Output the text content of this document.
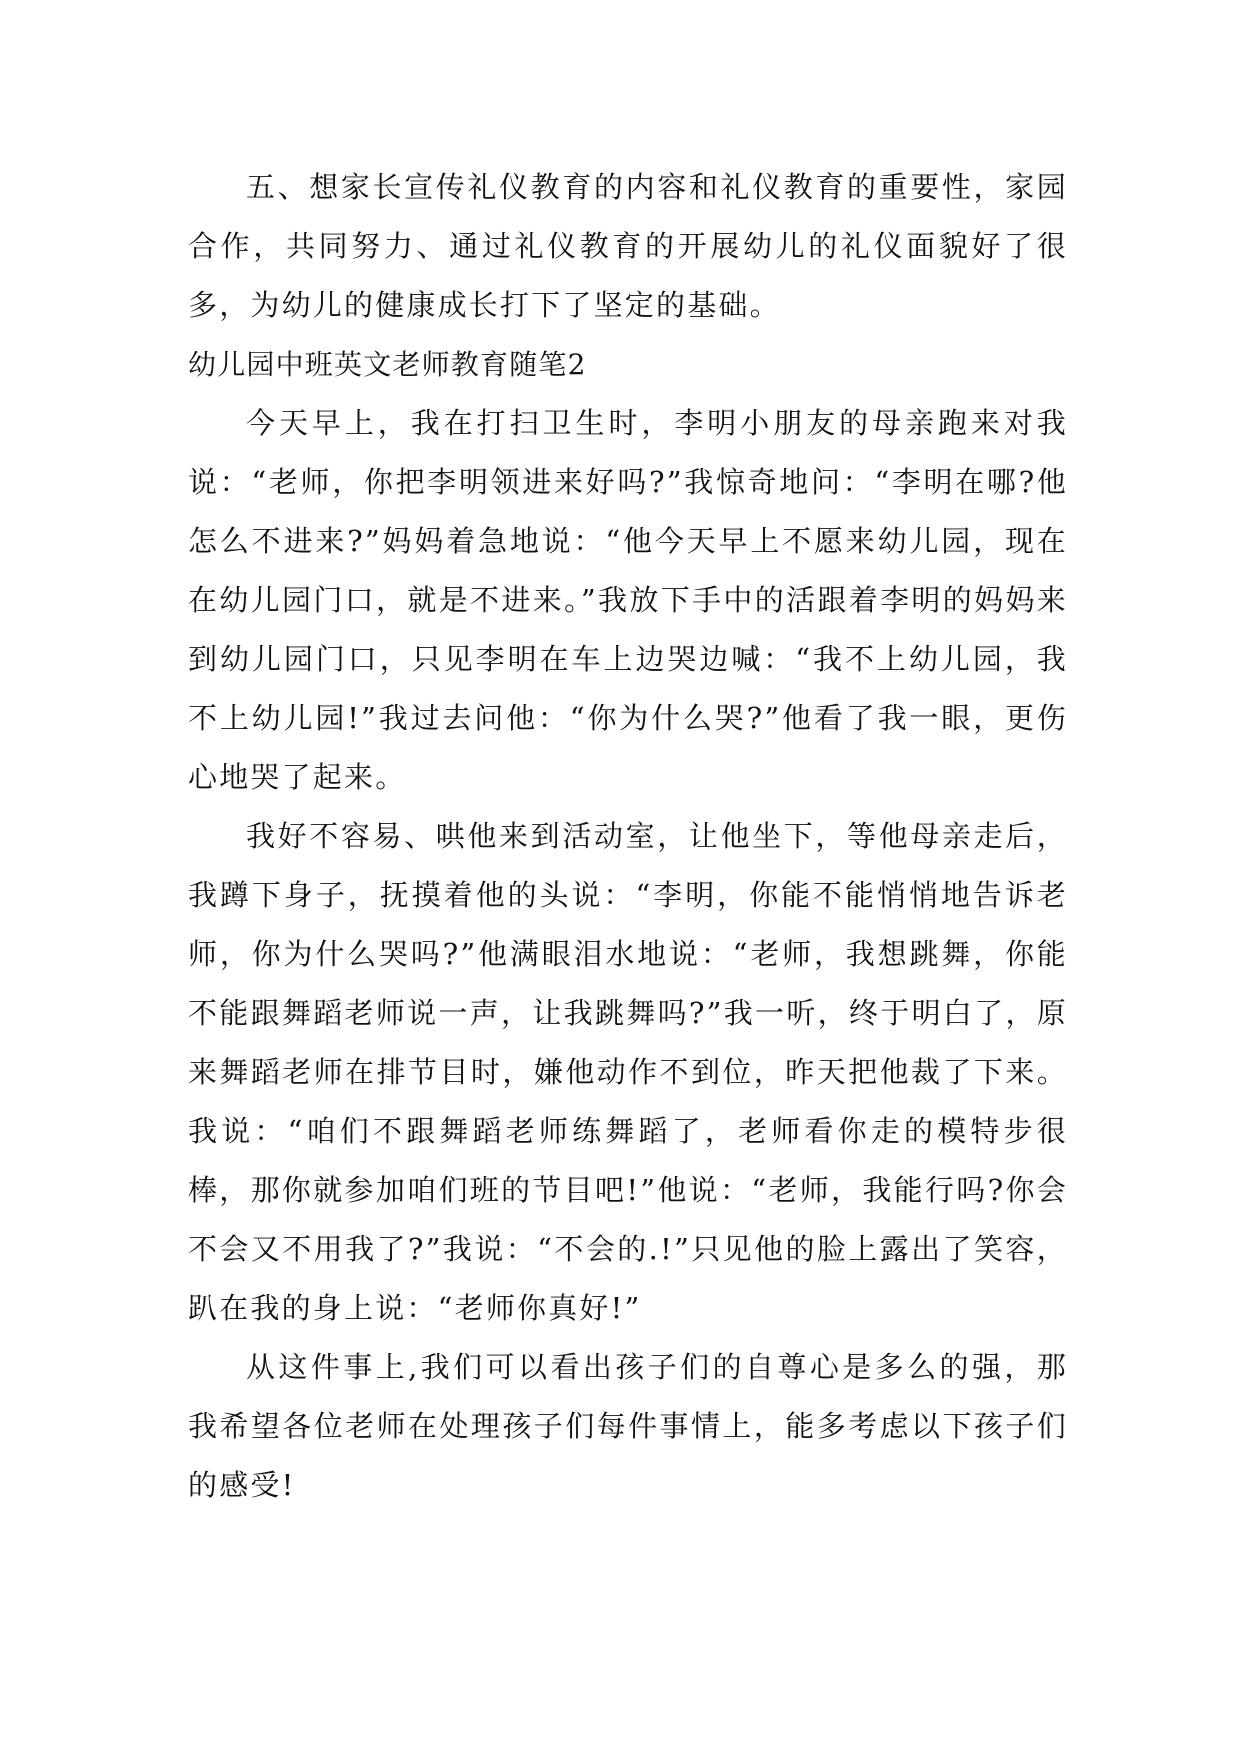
五、想家长宣传礼仪教育的内容和礼仪教育的重要性，家园合作，共同努力、通过礼仪教育的开展幼儿的礼仪面貌好了很多，为幼儿的健康成长打下了坚定的基础。

幼儿园中班英文老师教育随笔2

今天早上，我在打扫卫生时，李明小朋友的母亲跑来对我说：“老师，你把李明领进来好吗?”我惊奇地问：“李明在哪?他怎么不进来?”妈妈着急地说：“他今天早上不愿来幼儿园，现在在幼儿园门口，就是不进来。”我放下手中的活跟着李明的妈妈来到幼儿园门口，只见李明在车上边哭边喊：“我不上幼儿园，我不上幼儿园!”我过去问他：“你为什么哭?”他看了我一眼，更伤心地哭了起来。

我好不容易、哄他来到活动室，让他坐下，等他母亲走后，我蹲下身子，抚摸着他的头说：“李明，你能不能悄悄地告诉老师，你为什么哭吗?”他满眼泪水地说：“老师，我想跳舞，你能不能跟舞蹈老师说一声，让我跳舞吗?”我一听，终于明白了，原来舞蹈老师在排节目时，嫌他动作不到位，昨天把他裁了下来。我说：“咱们不跟舞蹈老师练舞蹈了，老师看你走的模特步很棒，那你就参加咱们班的节目吧!”他说：“老师，我能行吗?你会不会又不用我了?”我说：“不会的.!”只见他的脸上露出了笑容，趴在我的身上说：“老师你真好!”

从这件事上,我们可以看出孩子们的自尊心是多么的强，那我希望各位老师在处理孩子们每件事情上，能多考虑以下孩子们的感受!
